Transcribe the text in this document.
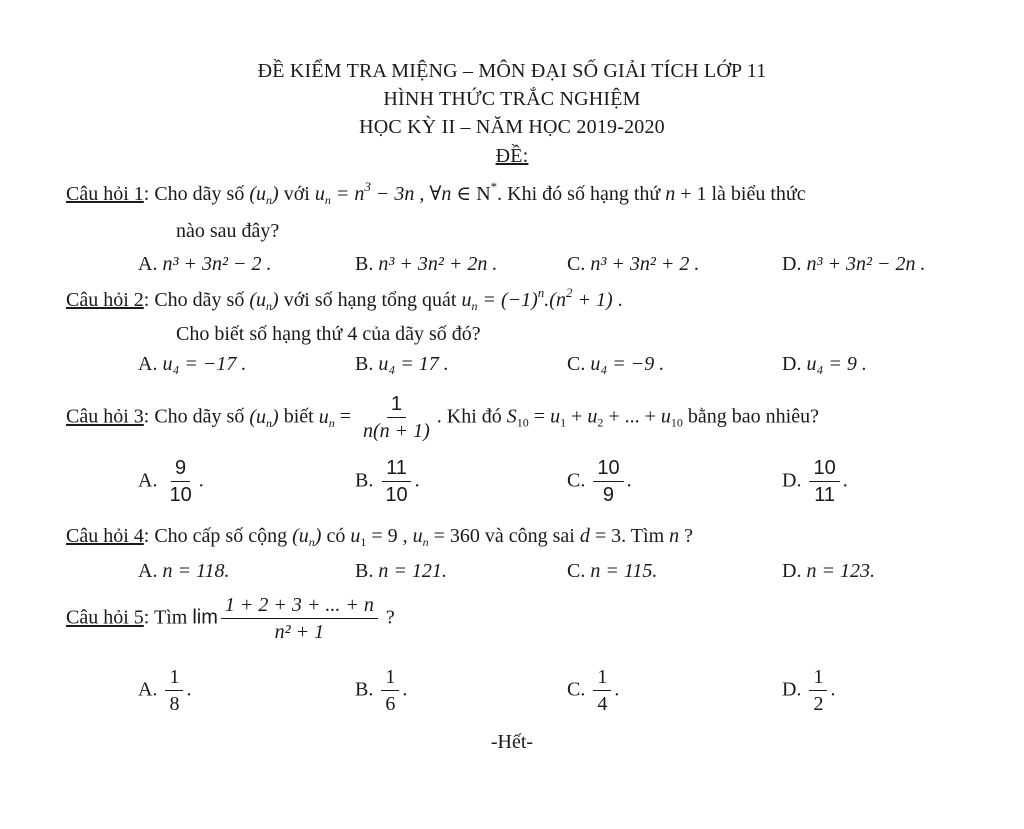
ĐỀ KIỂM TRA MIỆNG – MÔN ĐẠI SỐ GIẢI TÍCH LỚP 11
HÌNH THỨC TRẮC NGHIỆM
HỌC KỲ II – NĂM HỌC 2019-2020
ĐỀ:
Câu hỏi 1: Cho dãy số $(u_n)$ với $u_n = n^3 - 3n$ , ∀n ∈ N*. Khi đó số hạng thứ n + 1 là biểu thức
nào sau đây?
A. n³ + 3n² − 2 .	B. n³ + 3n² + 2n .	C. n³ + 3n² + 2 .	D. n³ + 3n² − 2n .
Câu hỏi 2: Cho dãy số $(u_n)$ với số hạng tổng quát $u_n = (-1)^n.(n^2 + 1)$ .
Cho biết số hạng thứ 4 của dãy số đó?
A. u₄ = −17 .	B. u₄ = 17 .	C. u₄ = −9 .	D. u₄ = 9 .
Câu hỏi 3: Cho dãy số $(u_n)$ biết $u_n = \frac{1}{n(n + 1)}$ . Khi đó $S_{10} = u_1 + u_2$ + ... + $u_{10}$ bằng bao nhiêu?
A. $\frac{9}{10}$ .	B. $\frac{11}{10}$ .	C. $\frac{10}{9}$ .	D. $\frac{10}{11}$ .
Câu hỏi 4: Cho cấp số cộng $(u_n)$ có $u_1 = 9$ , $u_n = 360$ và công sai d = 3. Tìm n ?
A. n = 118.	B. n = 121.	C. n = 115.	D. n = 123.
Câu hỏi 5: Tìm $\lim \frac{1 + 2 + 3 + ... + n}{\text{n² + 1}}$ ?
A. $\frac{1}{8}$ .	B. $\frac{1}{6}$ .	C. $\frac{1}{4}$ .	D. $\frac{1}{2}$ .
-Hết-
